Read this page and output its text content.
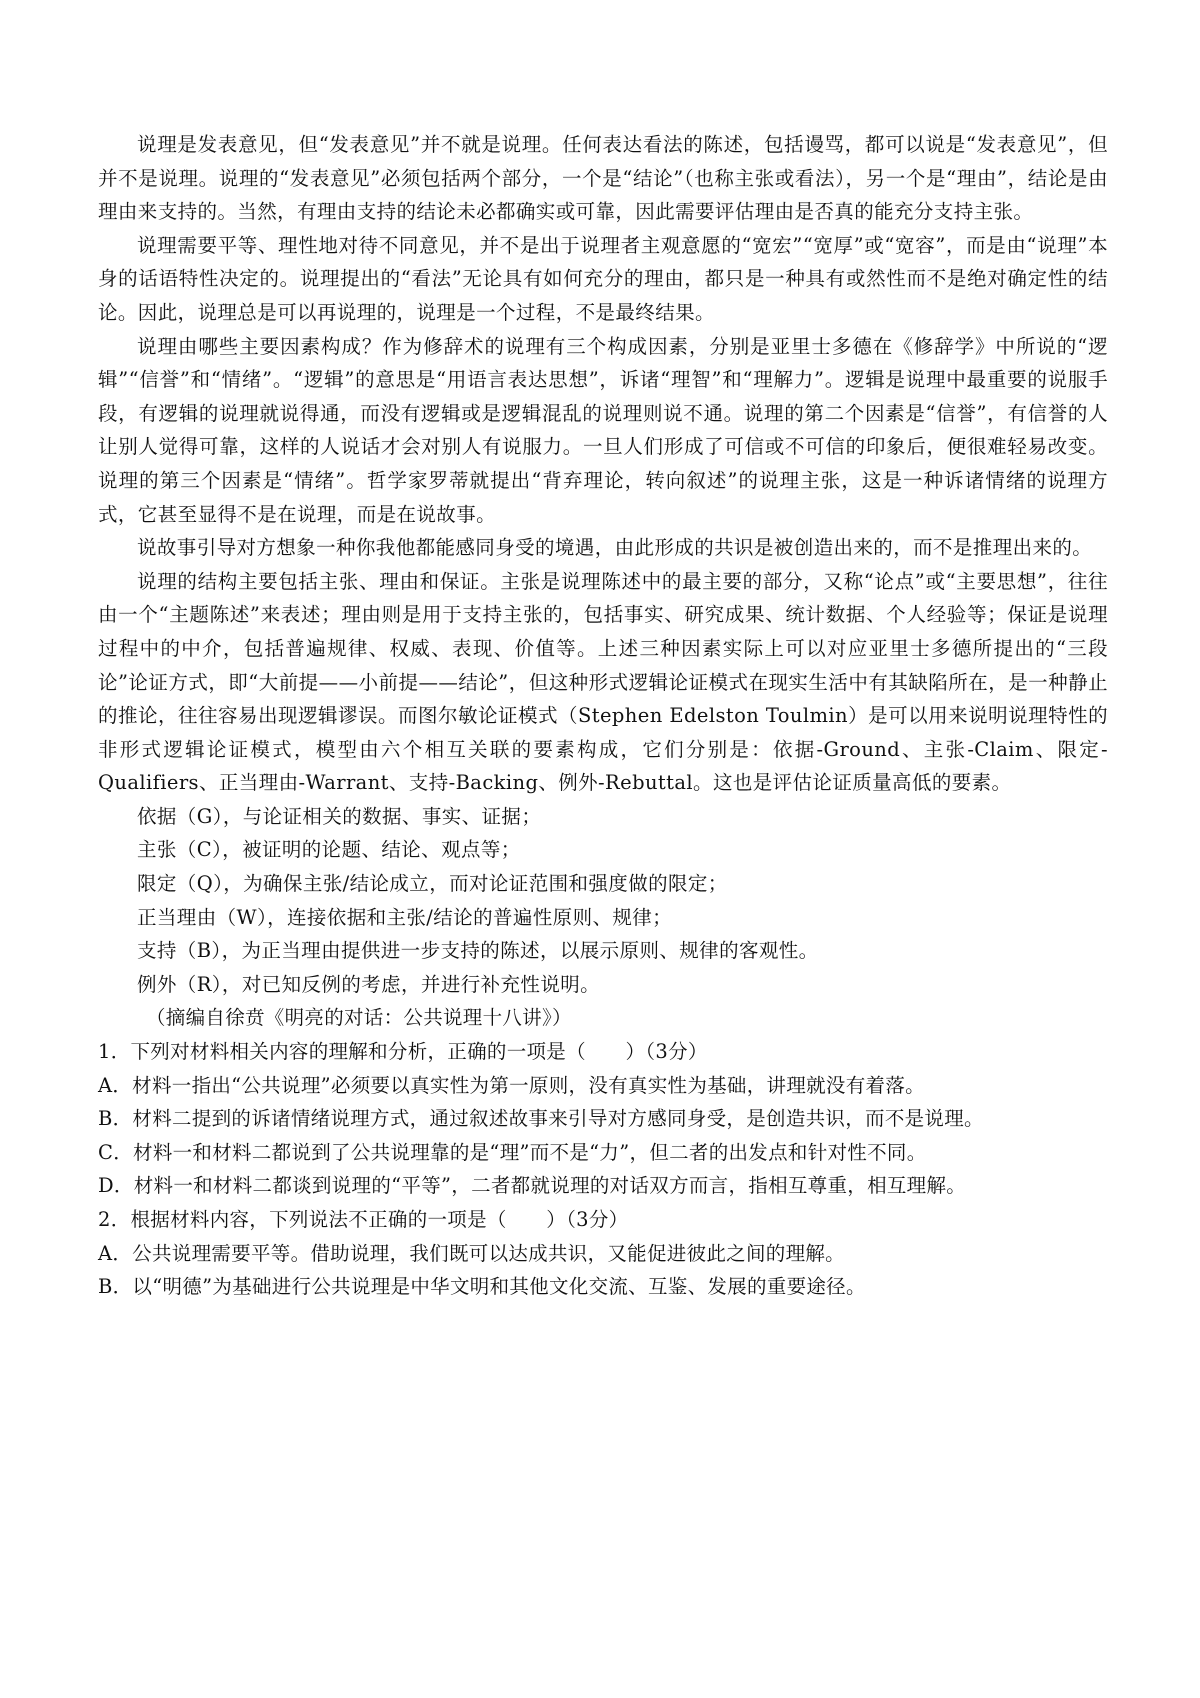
说理是发表意见，但“发表意见”并不就是说理。任何表达看法的陈述，包括谩骂，都可以说是“发表意见”，但并不是说理。说理的“发表意见”必须包括两个部分，一个是“结论”（也称主张或看法），另一个是“理由”，结论是由理由来支持的。当然，有理由支持的结论未必都确实或可靠，因此需要评估理由是否真的能充分支持主张。

说理需要平等、理性地对待不同意见，并不是出于说理者主观意愿的“宽宏”“宽厚”或“宽容”，而是由“说理”本身的话语特性决定的。说理提出的“看法”无论具有如何充分的理由，都只是一种具有或然性而不是绝对确定性的结论。因此，说理总是可以再说理的，说理是一个过程，不是最终结果。

说理由哪些主要因素构成？作为修辞术的说理有三个构成因素，分别是亚里士多德在《修辞学》中所说的“逻辑”“信誉”和“情绪”。“逻辑”的意思是“用语言表达思想”，诉诸“理智”和“理解力”。逻辑是说理中最重要的说服手段，有逻辑的说理就说得通，而没有逻辑或是逻辑混乱的说理则说不通。说理的第二个因素是“信誉”，有信誉的人让别人觉得可靠，这样的人说话才会对别人有说服力。一旦人们形成了可信或不可信的印象后，便很难轻易改变。说理的第三个因素是“情绪”。哲学家罗蒂就提出“背弃理论，转向叙述”的说理主张，这是一种诉诸情绪的说理方式，它甚至显得不是在说理，而是在说故事。

说故事引导对方想象一种你我他都能感同身受的境遇，由此形成的共识是被创造出来的，而不是推理出来的。

说理的结构主要包括主张、理由和保证。主张是说理陈述中的最主要的部分，又称“论点”或“主要思想”，往往由一个“主题陈述”来表述；理由则是用于支持主张的，包括事实、研究成果、统计数据、个人经验等；保证是说理过程中的中介，包括普遍规律、权威、表现、价值等。上述三种因素实际上可以对应亚里士多德所提出的“三段论”论证方式，即“大前提——小前提——结论”，但这种形式逻辑论证模式在现实生活中有其缺陷所在，是一种静止的推论，往往容易出现逻辑谬误。而图尔敏论证模式（Stephen Edelston Toulmin）是可以用来说明说理特性的非形式逻辑论证模式，模型由六个相互关联的要素构成，它们分别是：依据-Ground、主张-Claim、限定-Qualifiers、正当理由-Warrant、支持-Backing、例外-Rebuttal。这也是评估论证质量高低的要素。

依据（G），与论证相关的数据、事实、证据；

主张（C），被证明的论题、结论、观点等；

限定（Q），为确保主张/结论成立，而对论证范围和强度做的限定；

正当理由（W），连接依据和主张/结论的普遍性原则、规律；

支持（B），为正当理由提供进一步支持的陈述，以展示原则、规律的客观性。

例外（R），对已知反例的考虑，并进行补充性说明。

（摘编自徐贲《明亮的对话：公共说理十八讲》）

1．下列对材料相关内容的理解和分析，正确的一项是（　　）（3分）

A．材料一指出“公共说理”必须要以真实性为第一原则，没有真实性为基础，讲理就没有着落。

B．材料二提到的诉诸情绪说理方式，通过叙述故事来引导对方感同身受，是创造共识，而不是说理。

C．材料一和材料二都说到了公共说理靠的是“理”而不是“力”，但二者的出发点和针对性不同。

D．材料一和材料二都谈到说理的“平等”，二者都就说理的对话双方而言，指相互尊重，相互理解。

2．根据材料内容，下列说法不正确的一项是（　　）（3分）

A．公共说理需要平等。借助说理，我们既可以达成共识，又能促进彼此之间的理解。

B．以“明德”为基础进行公共说理是中华文明和其他文化交流、互鉴、发展的重要途径。
